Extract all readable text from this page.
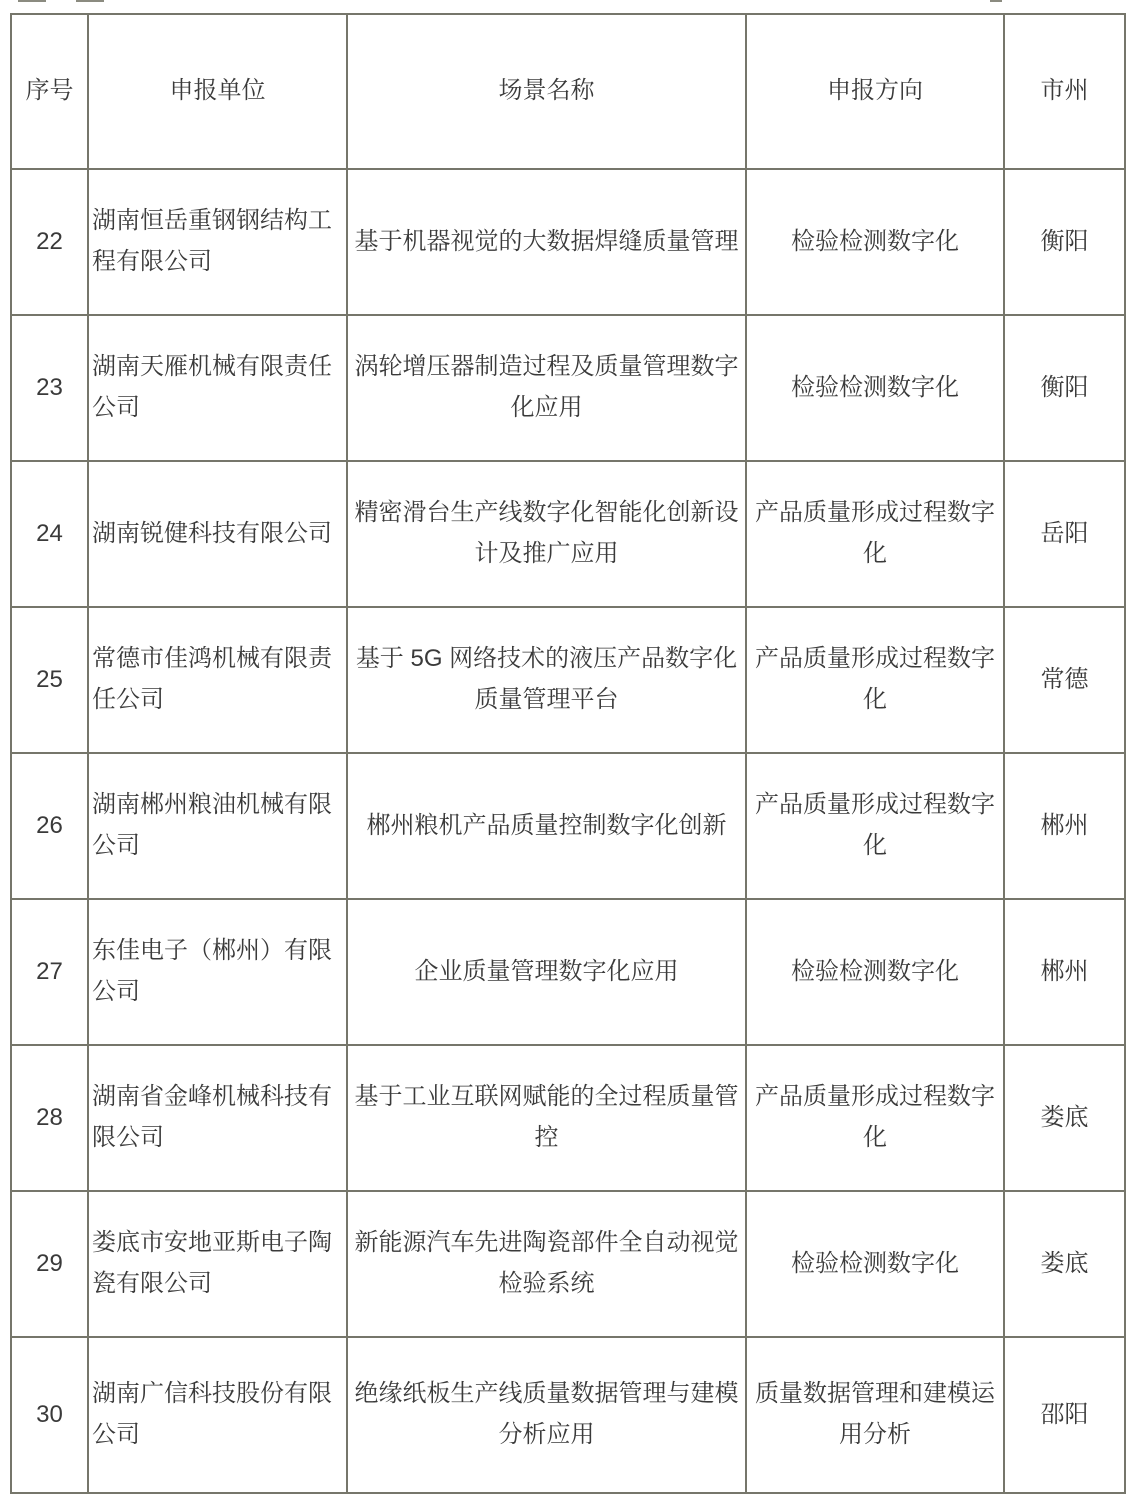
序号	申报单位	场景名称	申报方向	市州
22	湖南恒岳重钢钢结构工程有限公司	基于机器视觉的大数据焊缝质量管理	检验检测数字化	衡阳
23	湖南天雁机械有限责任公司	涡轮增压器制造过程及质量管理数字化应用	检验检测数字化	衡阳
24	湖南锐健科技有限公司	精密滑台生产线数字化智能化创新设计及推广应用	产品质量形成过程数字化	岳阳
25	常德市佳鸿机械有限责任公司	基于 5G 网络技术的液压产品数字化质量管理平台	产品质量形成过程数字化	常德
26	湖南郴州粮油机械有限公司	郴州粮机产品质量控制数字化创新	产品质量形成过程数字化	郴州
27	东佳电子（郴州）有限公司	企业质量管理数字化应用	检验检测数字化	郴州
28	湖南省金峰机械科技有限公司	基于工业互联网赋能的全过程质量管控	产品质量形成过程数字化	娄底
29	娄底市安地亚斯电子陶瓷有限公司	新能源汽车先进陶瓷部件全自动视觉检验系统	检验检测数字化	娄底
30	湖南广信科技股份有限公司	绝缘纸板生产线质量数据管理与建模分析应用	质量数据管理和建模运用分析	邵阳
